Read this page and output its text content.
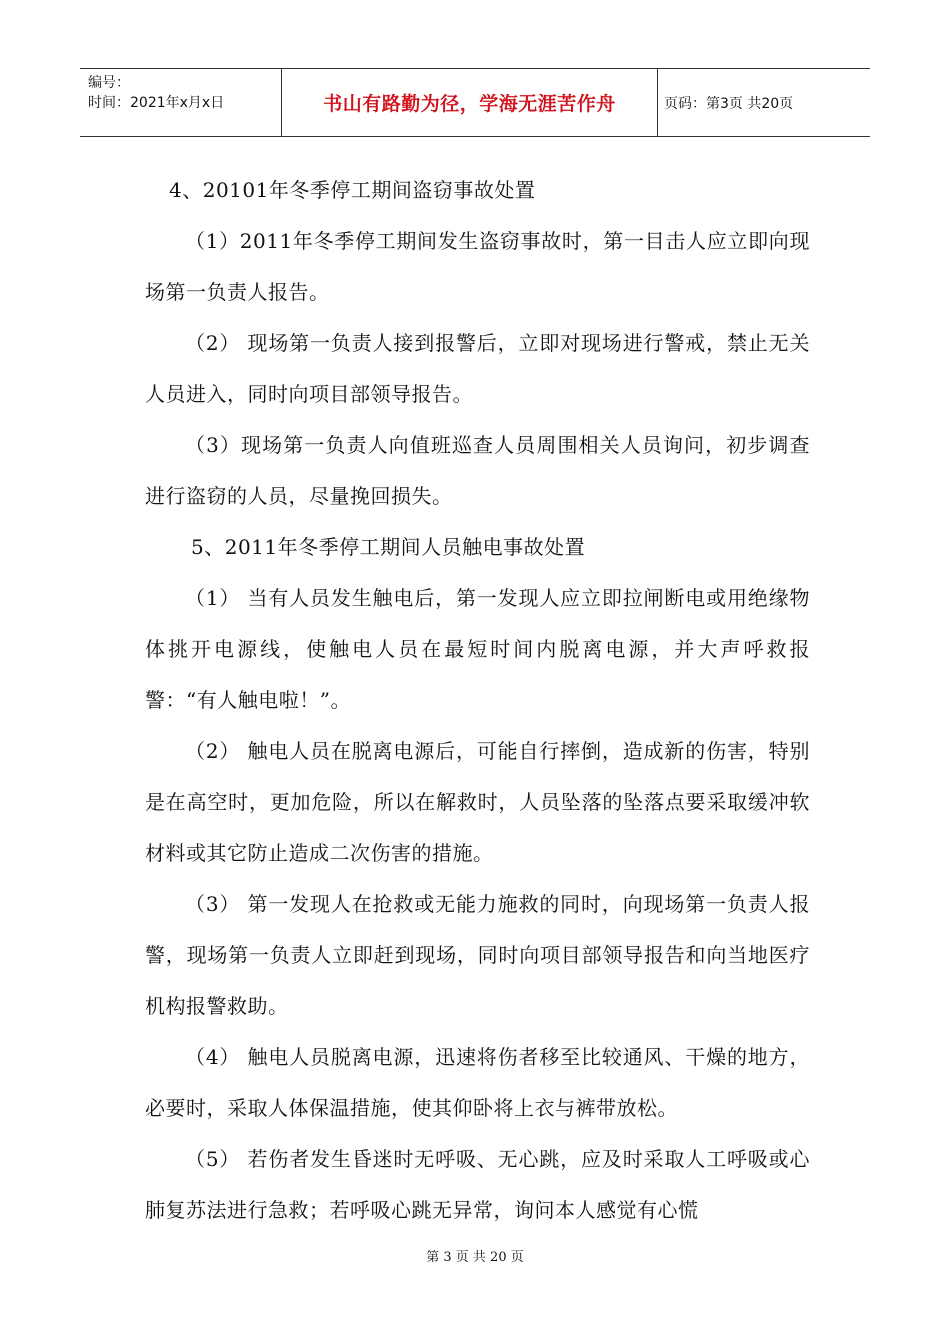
编号：
时间：2021年x月x日	书山有路勤为径，学海无涯苦作舟	页码：第3页 共20页

4、20101年冬季停工期间盗窃事故处置

（1）2011年冬季停工期间发生盗窃事故时，第一目击人应立即向现场第一负责人报告。

（2） 现场第一负责人接到报警后，立即对现场进行警戒，禁止无关人员进入，同时向项目部领导报告。

（3）现场第一负责人向值班巡查人员周围相关人员询问，初步调查进行盗窃的人员，尽量挽回损失。

5、2011年冬季停工期间人员触电事故处置

（1） 当有人员发生触电后，第一发现人应立即拉闸断电或用绝缘物体挑开电源线，使触电人员在最短时间内脱离电源，并大声呼救报警：“有人触电啦！”。

（2） 触电人员在脱离电源后，可能自行摔倒，造成新的伤害，特别是在高空时，更加危险，所以在解救时，人员坠落的坠落点要采取缓冲软材料或其它防止造成二次伤害的措施。

（3） 第一发现人在抢救或无能力施救的同时，向现场第一负责人报警，现场第一负责人立即赶到现场，同时向项目部领导报告和向当地医疗机构报警救助。

（4） 触电人员脱离电源，迅速将伤者移至比较通风、干燥的地方，必要时，采取人体保温措施，使其仰卧将上衣与裤带放松。

（5） 若伤者发生昏迷时无呼吸、无心跳，应及时采取人工呼吸或心肺复苏法进行急救；若呼吸心跳无异常，询问本人感觉有心慌

第 3 页 共 20 页
